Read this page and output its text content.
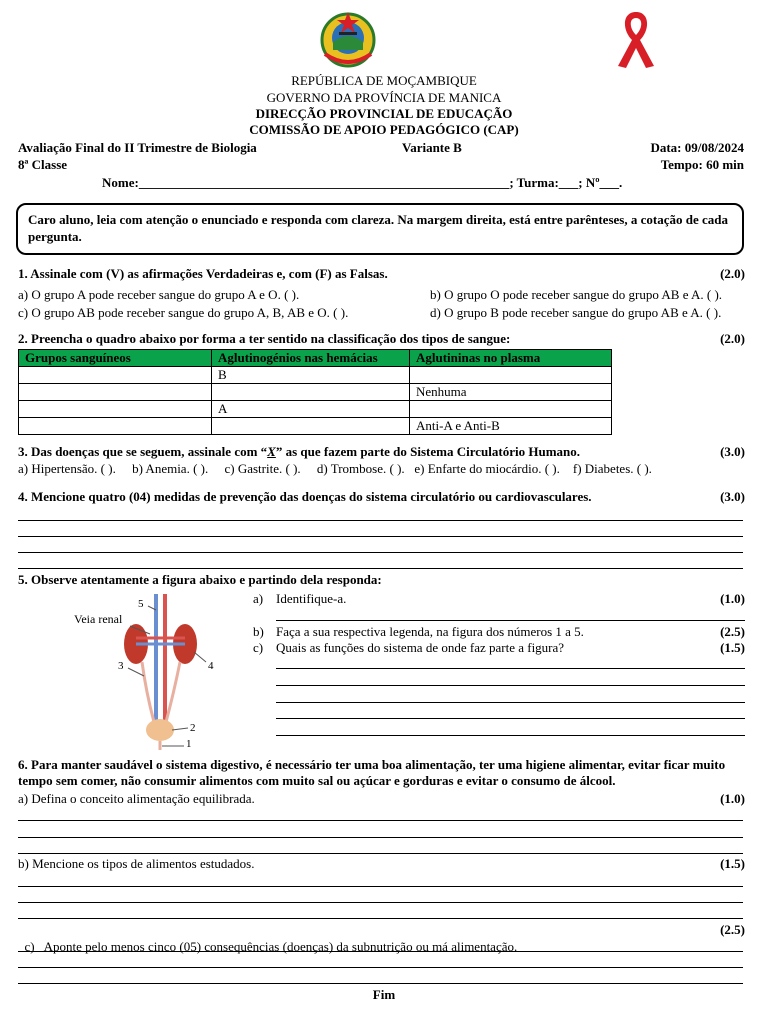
REPÚBLICA DE MOÇAMBIQUE
GOVERNO DA PROVÍNCIA DE MANICA
DIRECÇÃO PROVINCIAL DE EDUCAÇÃO
COMISSÃO DE APOIO PEDAGÓGICO (CAP)
Avaliação Final do II Trimestre de Biologia	Variante B	Data: 09/08/2024
8ª Classe	Tempo: 60 min
Nome:_________________________________________________________; Turma:___; Nº___.
Caro aluno, leia com atenção o enunciado e responda com clareza. Na margem direita, está entre parênteses, a cotação de cada pergunta.
1. Assinale com (V) as afirmações Verdadeiras e, com (F) as Falsas.	(2.0)
a) O grupo A pode receber sangue do grupo A e O. ( ).	b) O grupo O pode receber sangue do grupo AB e A. ( ).
c) O grupo AB pode receber sangue do grupo A, B, AB e O. ( ).	d) O grupo B pode receber sangue do grupo AB e A. ( ).
2. Preencha o quadro abaixo por forma a ter sentido na classificação dos tipos de sangue:	(2.0)
Grupos sanguíneos	Aglutinogénios nas hemácias	Aglutininas no plasma
	B	
		Nenhuma
	A	
		Anti-A e Anti-B
3. Das doenças que se seguem, assinale com “X” as que fazem parte do Sistema Circulatório Humano.	(3.0)
a) Hipertensão. ( ).     b) Anemia. ( ).     c) Gastrite. ( ).     d) Trombose. ( ).   e) Enfarte do miocárdio. ( ).    f) Diabetes. ( ).
4. Mencione quatro (04) medidas de prevenção das doenças do sistema circulatório ou cardiovasculares.	(3.0)
5. Observe atentamente a figura abaixo e partindo dela responda:
Veia renal
5
3	4
2
1
a) Identifique-a.	(1.0)
b) Faça a sua respectiva legenda, na figura dos números 1 a 5.	(2.5)
c) Quais as funções do sistema de onde faz parte a figura?	(1.5)
6. Para manter saudável o sistema digestivo, é necessário ter uma boa alimentação, ter uma higiene alimentar, evitar ficar muito tempo sem comer, não consumir alimentos com muito sal ou açúcar e gorduras e evitar o consumo de álcool.
a) Defina o conceito alimentação equilibrada.	(1.0)
b) Mencione os tipos de alimentos estudados.	(1.5)

c)   Aponte pelo menos cinco (05) consequências (doenças) da subnutrição ou má alimentação.

(2.5)

Fim
